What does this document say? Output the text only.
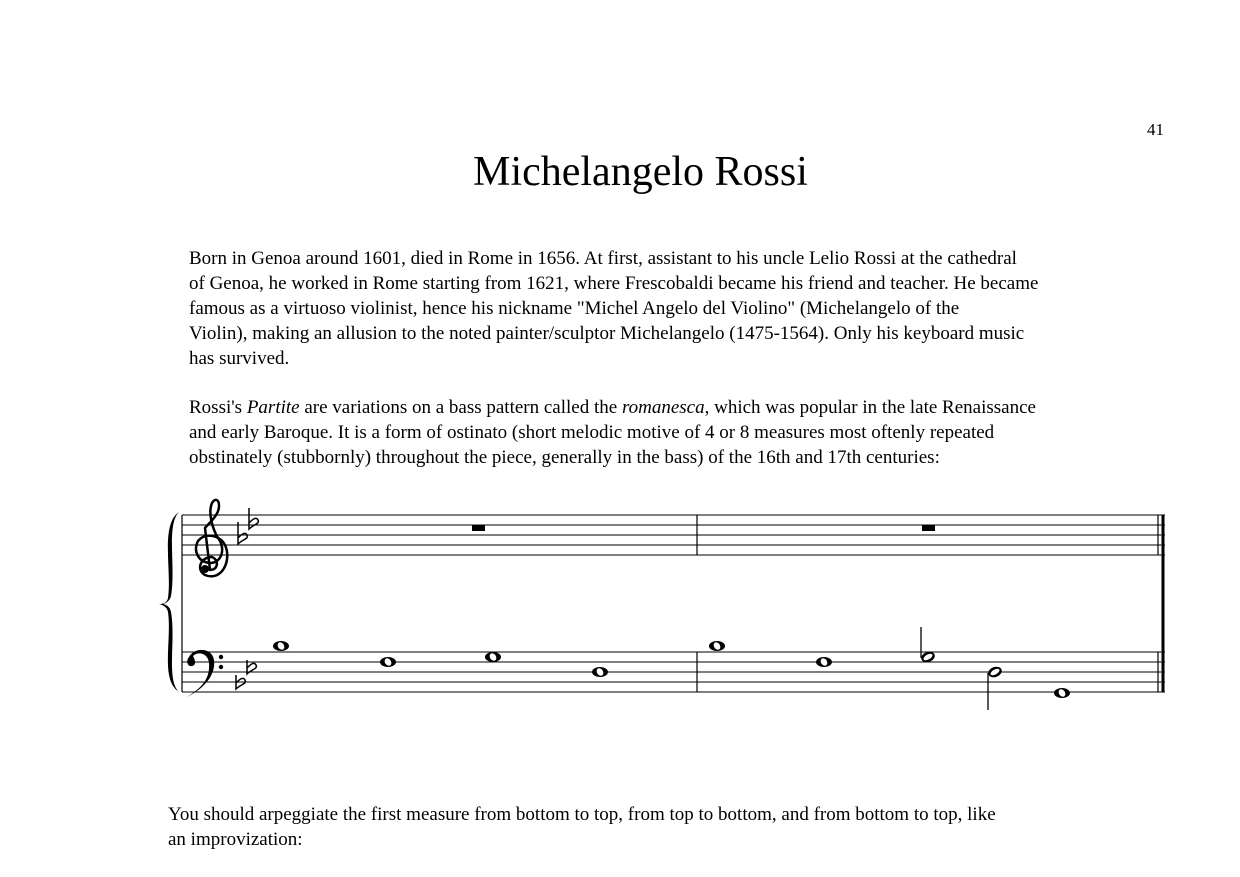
41
Michelangelo Rossi
Born in Genoa around 1601, died in Rome in 1656. At first, assistant to his uncle Lelio Rossi at the cathedral
of Genoa, he worked in Rome starting from 1621, where Frescobaldi became his friend and teacher. He became
famous as a virtuoso violinist, hence his nickname "Michel Angelo del Violino" (Michelangelo of the
Violin), making an allusion to the noted painter/sculptor Michelangelo (1475-1564). Only his keyboard music
has survived.
Rossi's Partite are variations on a bass pattern called the romanesca, which was popular in the late Renaissance
and early Baroque. It is a form of ostinato (short melodic motive of 4 or 8 measures most oftenly repeated
obstinately (stubbornly) throughout the piece, generally in the bass) of the 16th and 17th centuries:
You should arpeggiate the first measure from bottom to top, from top to bottom, and from bottom to top, like
an improvization:
